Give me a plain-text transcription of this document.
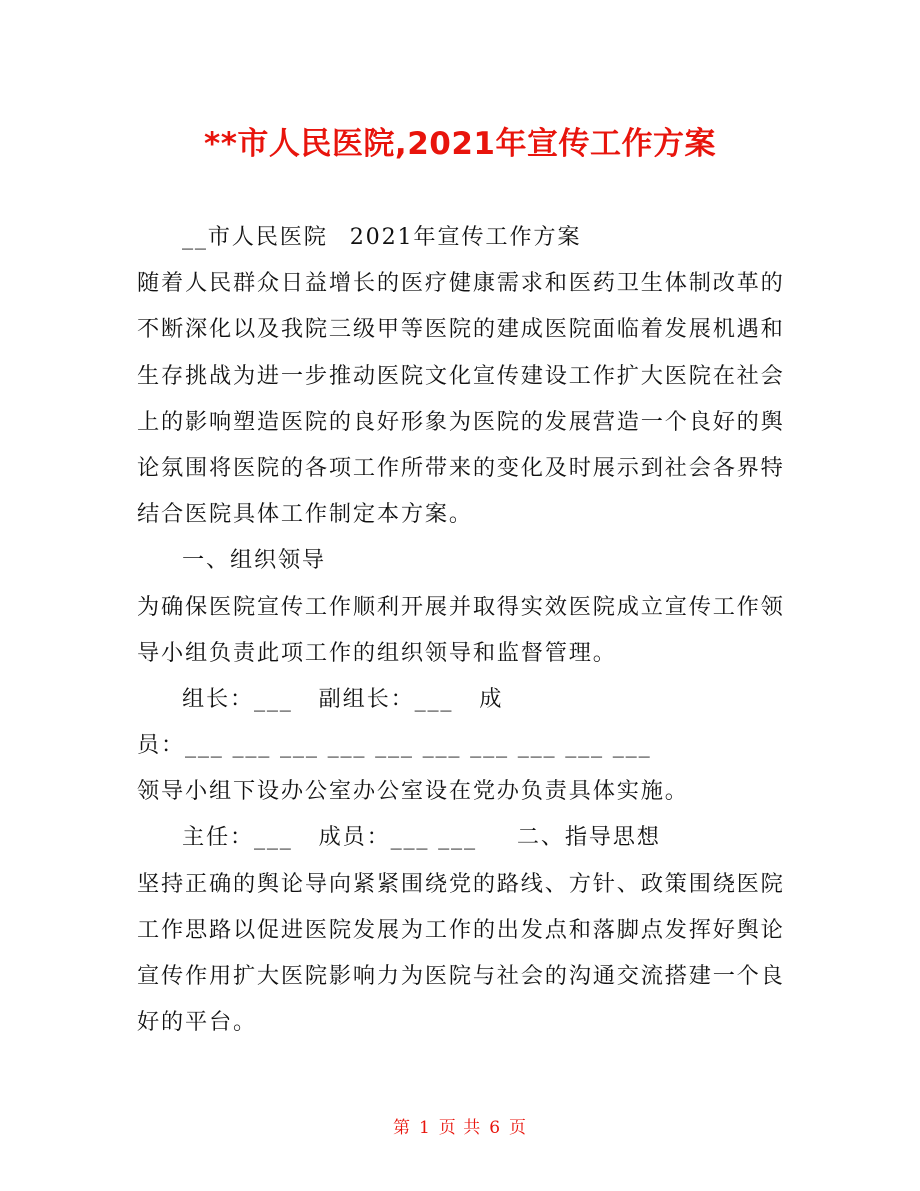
**市人民医院,2021年宣传工作方案
__市人民医院 2021年宣传工作方案
随着人民群众日益增长的医疗健康需求和医药卫生体制改革的
不断深化以及我院三级甲等医院的建成医院面临着发展机遇和
生存挑战为进一步推动医院文化宣传建设工作扩大医院在社会
上的影响塑造医院的良好形象为医院的发展营造一个良好的舆
论氛围将医院的各项工作所带来的变化及时展示到社会各界特
结合医院具体工作制定本方案。
一、组织领导
为确保医院宣传工作顺利开展并取得实效医院成立宣传工作领
导小组负责此项工作的组织领导和监督管理。
组长：___ 副组长：___ 成
员：___ ___ ___ ___ ___ ___ ___ ___ ___ ___
领导小组下设办公室办公室设在党办负责具体实施。
主任：___ 成员：___ ___ 二、指导思想
坚持正确的舆论导向紧紧围绕党的路线、方针、政策围绕医院
工作思路以促进医院发展为工作的出发点和落脚点发挥好舆论
宣传作用扩大医院影响力为医院与社会的沟通交流搭建一个良
好的平台。
第 1 页 共 6 页
